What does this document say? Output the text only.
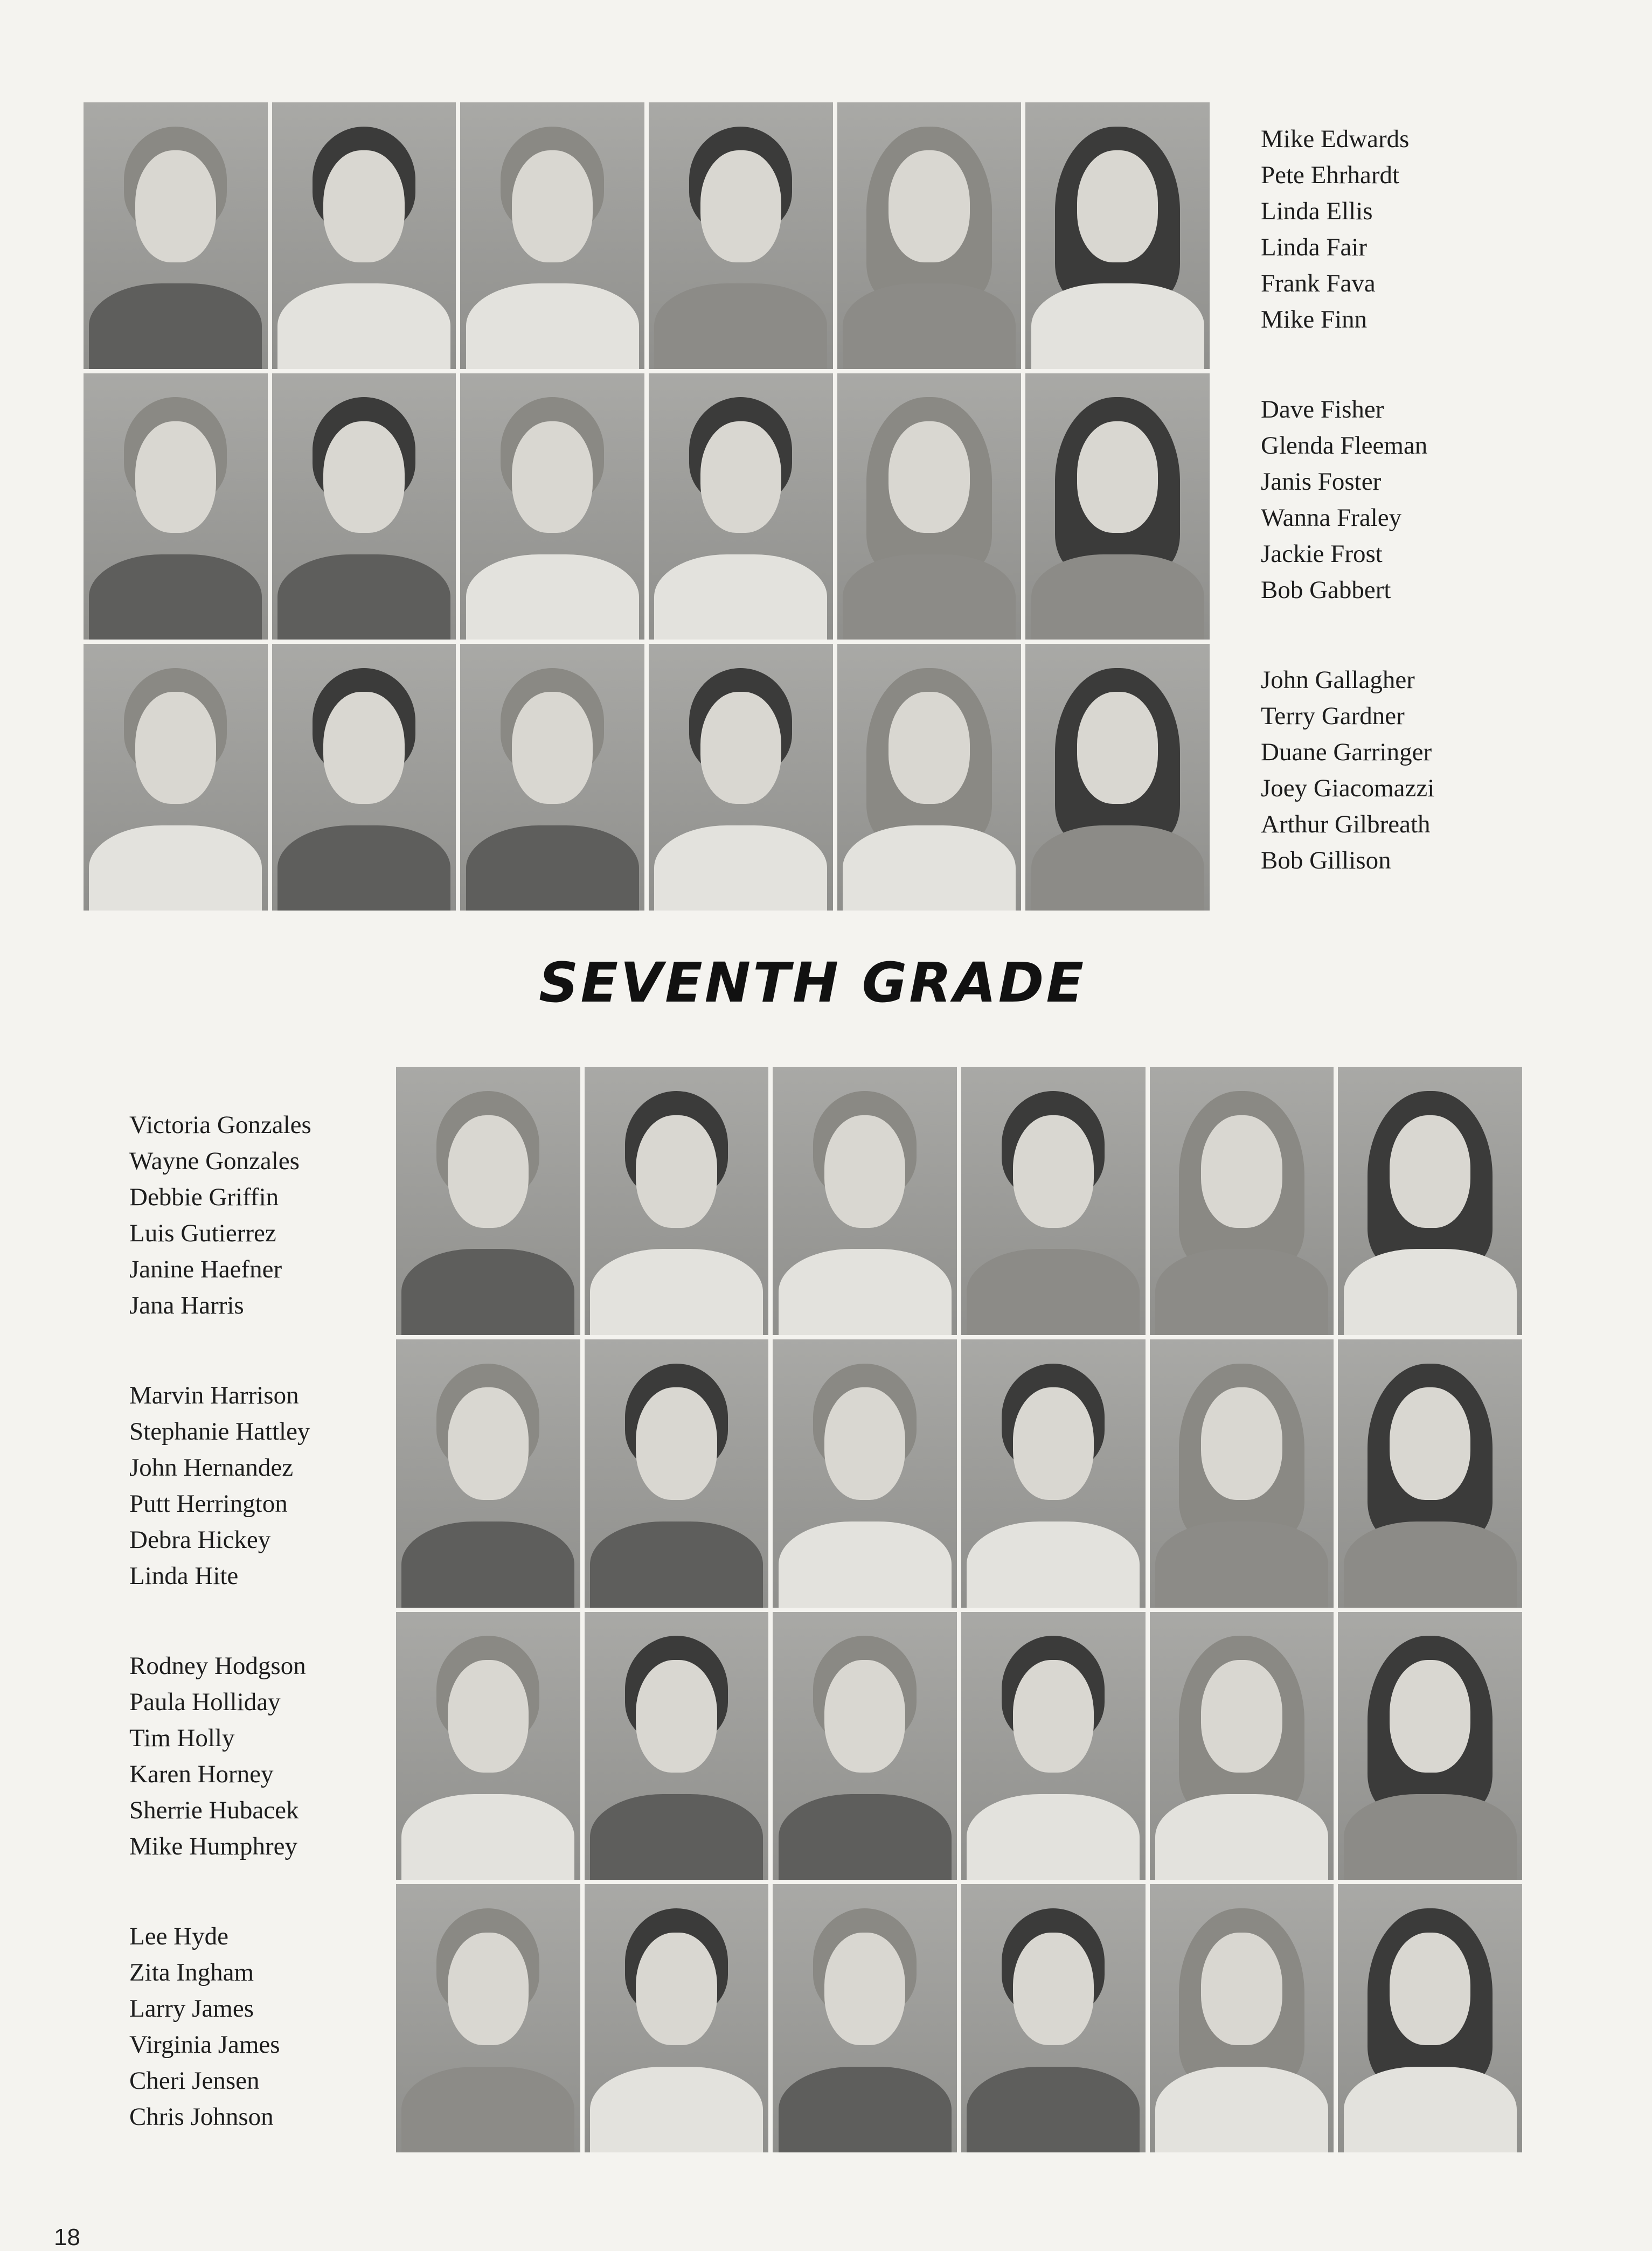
Mike Edwards
Pete Ehrhardt
Linda Ellis
Linda Fair
Frank Fava
Mike Finn
Dave Fisher
Glenda Fleeman
Janis Foster
Wanna Fraley
Jackie Frost
Bob Gabbert
John Gallagher
Terry Gardner
Duane Garringer
Joey Giacomazzi
Arthur Gilbreath
Bob Gillison
SEVENTH GRADE
Victoria Gonzales
Wayne Gonzales
Debbie Griffin
Luis Gutierrez
Janine Haefner
Jana Harris
Marvin Harrison
Stephanie Hattley
John Hernandez
Putt Herrington
Debra Hickey
Linda Hite
Rodney Hodgson
Paula Holliday
Tim Holly
Karen Horney
Sherrie Hubacek
Mike Humphrey
Lee Hyde
Zita Ingham
Larry James
Virginia James
Cheri Jensen
Chris Johnson
18
